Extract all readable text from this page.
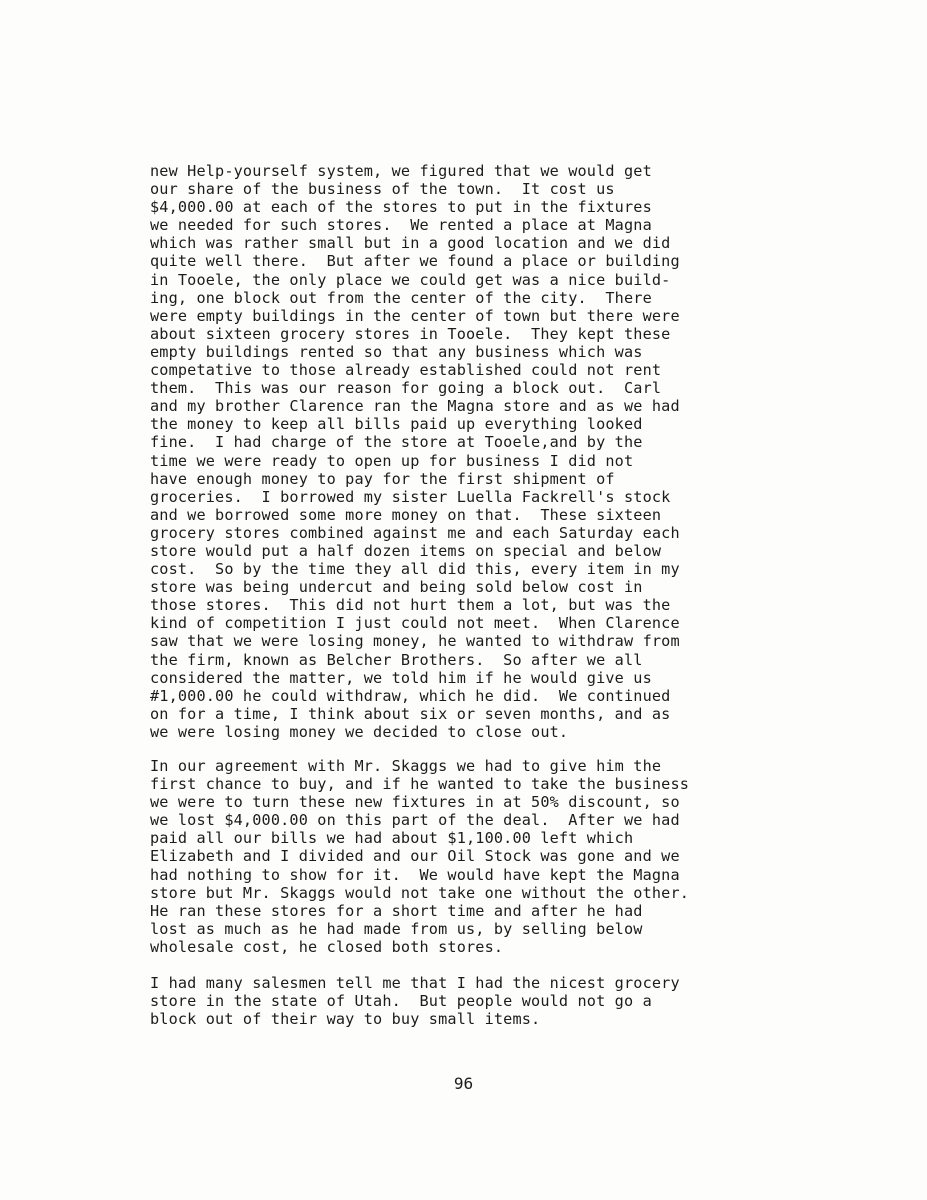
new Help-yourself system, we figured that we would get
our share of the business of the town.  It cost us
$4,000.00 at each of the stores to put in the fixtures
we needed for such stores.  We rented a place at Magna
which was rather small but in a good location and we did
quite well there.  But after we found a place or building
in Tooele, the only place we could get was a nice build-
ing, one block out from the center of the city.  There
were empty buildings in the center of town but there were
about sixteen grocery stores in Tooele.  They kept these
empty buildings rented so that any business which was
competative to those already established could not rent
them.  This was our reason for going a block out.  Carl
and my brother Clarence ran the Magna store and as we had
the money to keep all bills paid up everything looked
fine.  I had charge of the store at Tooele,and by the
time we were ready to open up for business I did not
have enough money to pay for the first shipment of
groceries.  I borrowed my sister Luella Fackrell's stock
and we borrowed some more money on that.  These sixteen
grocery stores combined against me and each Saturday each
store would put a half dozen items on special and below
cost.  So by the time they all did this, every item in my
store was being undercut and being sold below cost in
those stores.  This did not hurt them a lot, but was the
kind of competition I just could not meet.  When Clarence
saw that we were losing money, he wanted to withdraw from
the firm, known as Belcher Brothers.  So after we all
considered the matter, we told him if he would give us
#1,000.00 he could withdraw, which he did.  We continued
on for a time, I think about six or seven months, and as
we were losing money we decided to close out.
In our agreement with Mr. Skaggs we had to give him the
first chance to buy, and if he wanted to take the business
we were to turn these new fixtures in at 50% discount, so
we lost $4,000.00 on this part of the deal.  After we had
paid all our bills we had about $1,100.00 left which
Elizabeth and I divided and our Oil Stock was gone and we
had nothing to show for it.  We would have kept the Magna
store but Mr. Skaggs would not take one without the other.
He ran these stores for a short time and after he had
lost as much as he had made from us, by selling below
wholesale cost, he closed both stores.
I had many salesmen tell me that I had the nicest grocery
store in the state of Utah.  But people would not go a
block out of their way to buy small items.
96
